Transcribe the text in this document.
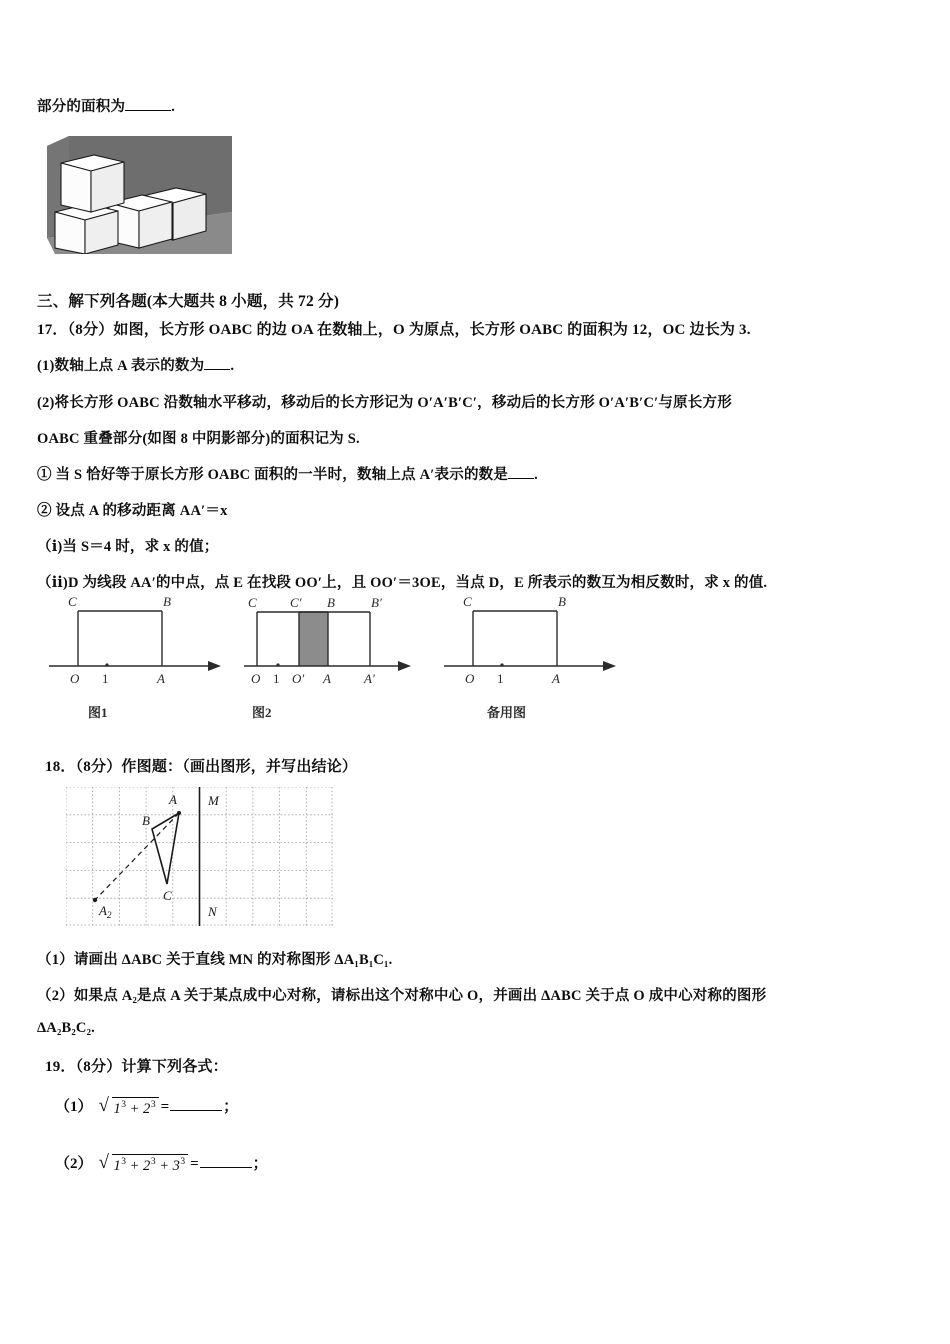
部分的面积为	.
三、解下列各题(本大题共 8 小题，共 72 分)
17．（8分）如图，长方形 OABC 的边 OA 在数轴上，O 为原点，长方形 OABC 的面积为 12，OC 边长为 3.
(1)数轴上点 A 表示的数为 .
(2)将长方形 OABC 沿数轴水平移动，移动后的长方形记为 O′A′B′C′，移动后的长方形 O′A′B′C′与原长方形
OABC 重叠部分(如图 8 中阴影部分)的面积记为 S.
① 当 S 恰好等于原长方形 OABC 面积的一半时，数轴上点 A′表示的数是 .
② 设点 A 的移动距离 AA′＝x
（ⅰ)当 S＝4 时，求 x 的值；
（ⅱ)D 为线段 AA′的中点，点 E 在找段 OO′上，且 OO′＝3OE，当点 D，E 所表示的数互为相反数时，求 x 的值.
C	B
O 1	A
图1
C	C′ B	B′
O 1 O′ A	A′
图2
C	B
O 1	A
备用图
18．（8分）作图题：（画出图形，并写出结论）
A
B
C
$A_2$
M
N
（1）请画出 ΔABC 关于直线 MN 的对称图形 ΔA₁B₁C₁.
（2）如果点 A₂是点 A 关于某点成中心对称，请标出这个对称中心 O，并画出 ΔABC 关于点 O 成中心对称的图形
ΔA₂B₂C₂.
19．（8分）计算下列各式：
（1） √ $1^3 + 2^3$ =	；
（2） √ $1^3 + 2^3 + 3^3$ =	；
